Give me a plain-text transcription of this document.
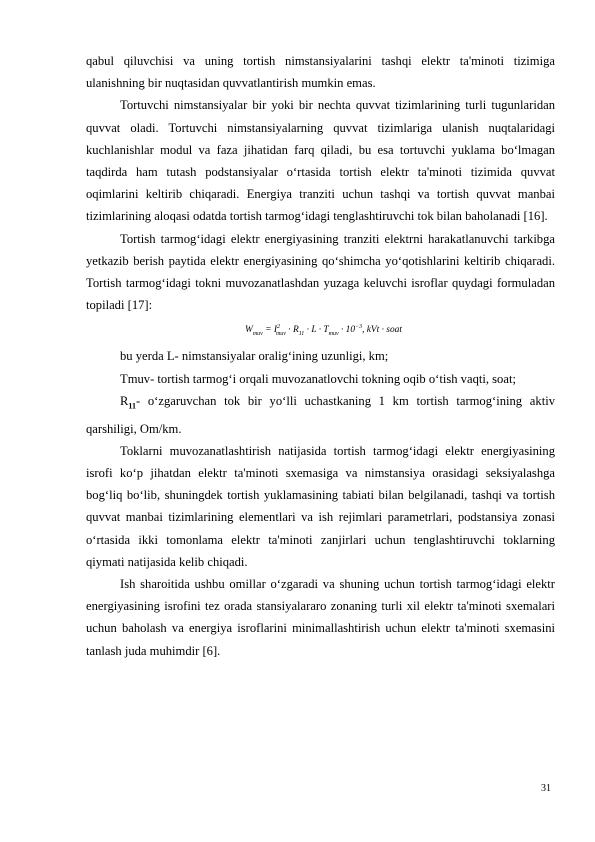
qabul qiluvchisi va uning tortish nimstansiyalarini tashqi elektr ta'minoti tizimiga ulanishning bir nuqtasidan quvvatlantirish mumkin emas.

Tortuvchi nimstansiyalar bir yoki bir nechta quvvat tizimlarining turli tugunlaridan quvvat oladi. Tortuvchi nimstansiyalarning quvvat tizimlariga ulanish nuqtalaridagi kuchlanishlar modul va faza jihatidan farq qiladi, bu esa tortuvchi yuklama bo‘lmagan taqdirda ham tutash podstansiyalar o‘rtasida tortish elektr ta'minoti tizimida quvvat oqimlarini keltirib chiqaradi. Energiya tranziti uchun tashqi va tortish quvvat manbai tizimlarining aloqasi odatda tortish tarmog‘idagi tenglashtiruvchi tok bilan baholanadi [16].

Tortish tarmog‘idagi elektr energiyasining tranziti elektrni harakatlanuvchi tarkibga yetkazib berish paytida elektr energiyasining qo‘shimcha yo‘qotishlarini keltirib chiqaradi. Tortish tarmog‘idagi tokni muvozanatlashdan yuzaga keluvchi isroflar quydagi formuladan topiladi [17]:

$W_{muv} = I^2_{muv} \cdot R_{11} \cdot L \cdot T_{muv} \cdot 10^{-3}$, kVt · soat

bu yerda L- nimstansiyalar oralig‘ining uzunligi, km;

Tmuv- tortish tarmog‘i orqali muvozanatlovchi tokning oqib o‘tish vaqti, soat;

$R_{11}-$ o‘zgaruvchan tok bir yo‘lli uchastkaning 1 km tortish tarmog‘ining aktiv qarshiligi, Om/km.

Toklarni muvozanatlashtirish natijasida tortish tarmog‘idagi elektr energiyasining isrofi ko‘p jihatdan elektr ta'minoti sxemasiga va nimstansiya orasidagi seksiyalashga bog‘liq bo‘lib, shuningdek tortish yuklamasining tabiati bilan belgilanadi, tashqi va tortish quvvat manbai tizimlarining elementlari va ish rejimlari parametrlari, podstansiya zonasi o‘rtasida ikki tomonlama elektr ta'minoti zanjirlari uchun tenglashtiruvchi toklarning qiymati natijasida kelib chiqadi.

Ish sharoitida ushbu omillar o‘zgaradi va shuning uchun tortish tarmog‘idagi elektr energiyasining isrofini tez orada stansiyalararo zonaning turli xil elektr ta'minoti sxemalari uchun baholash va energiya isroflarini minimallashtirish uchun elektr ta'minoti sxemasini tanlash juda muhimdir [6].

31
